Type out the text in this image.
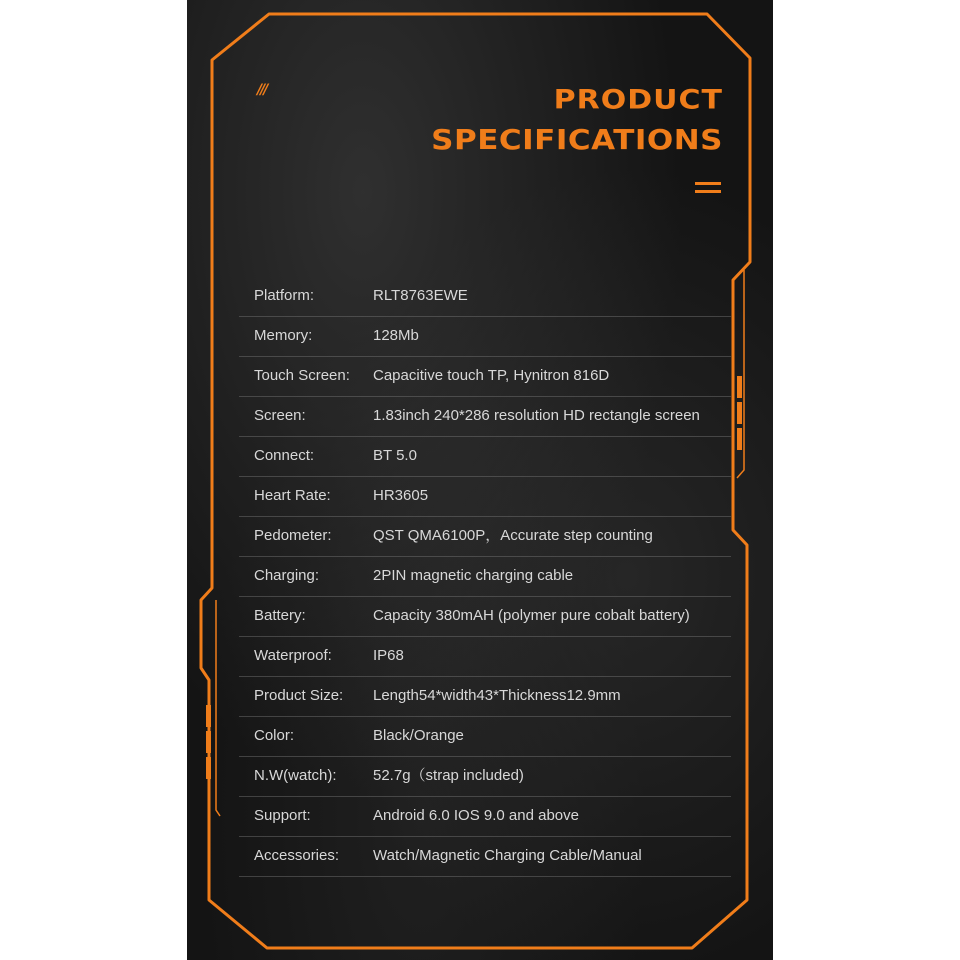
///	PRODUCT
SPECIFICATIONS
Platform:	RLT8763EWE
Memory:	128Mb
Touch Screen: Capacitive touch TP, Hynitron 816D
Screen:	1.83inch 240*286 resolution HD rectangle screen
Connect:	BT 5.0
Heart Rate:	HR3605
Pedometer:	QST QMA6100P，Accurate step counting
Charging:	2PIN magnetic charging cable
Battery:	Capacity 380mAH (polymer pure cobalt battery)
Waterproof:	IP68
Product Size: Length54*width43*Thickness12.9mm
Color:	Black/Orange
N.W(watch): 52.7g（strap included)
Support:	Android 6.0 IOS 9.0 and above
Accessories: Watch/Magnetic Charging Cable/Manual
